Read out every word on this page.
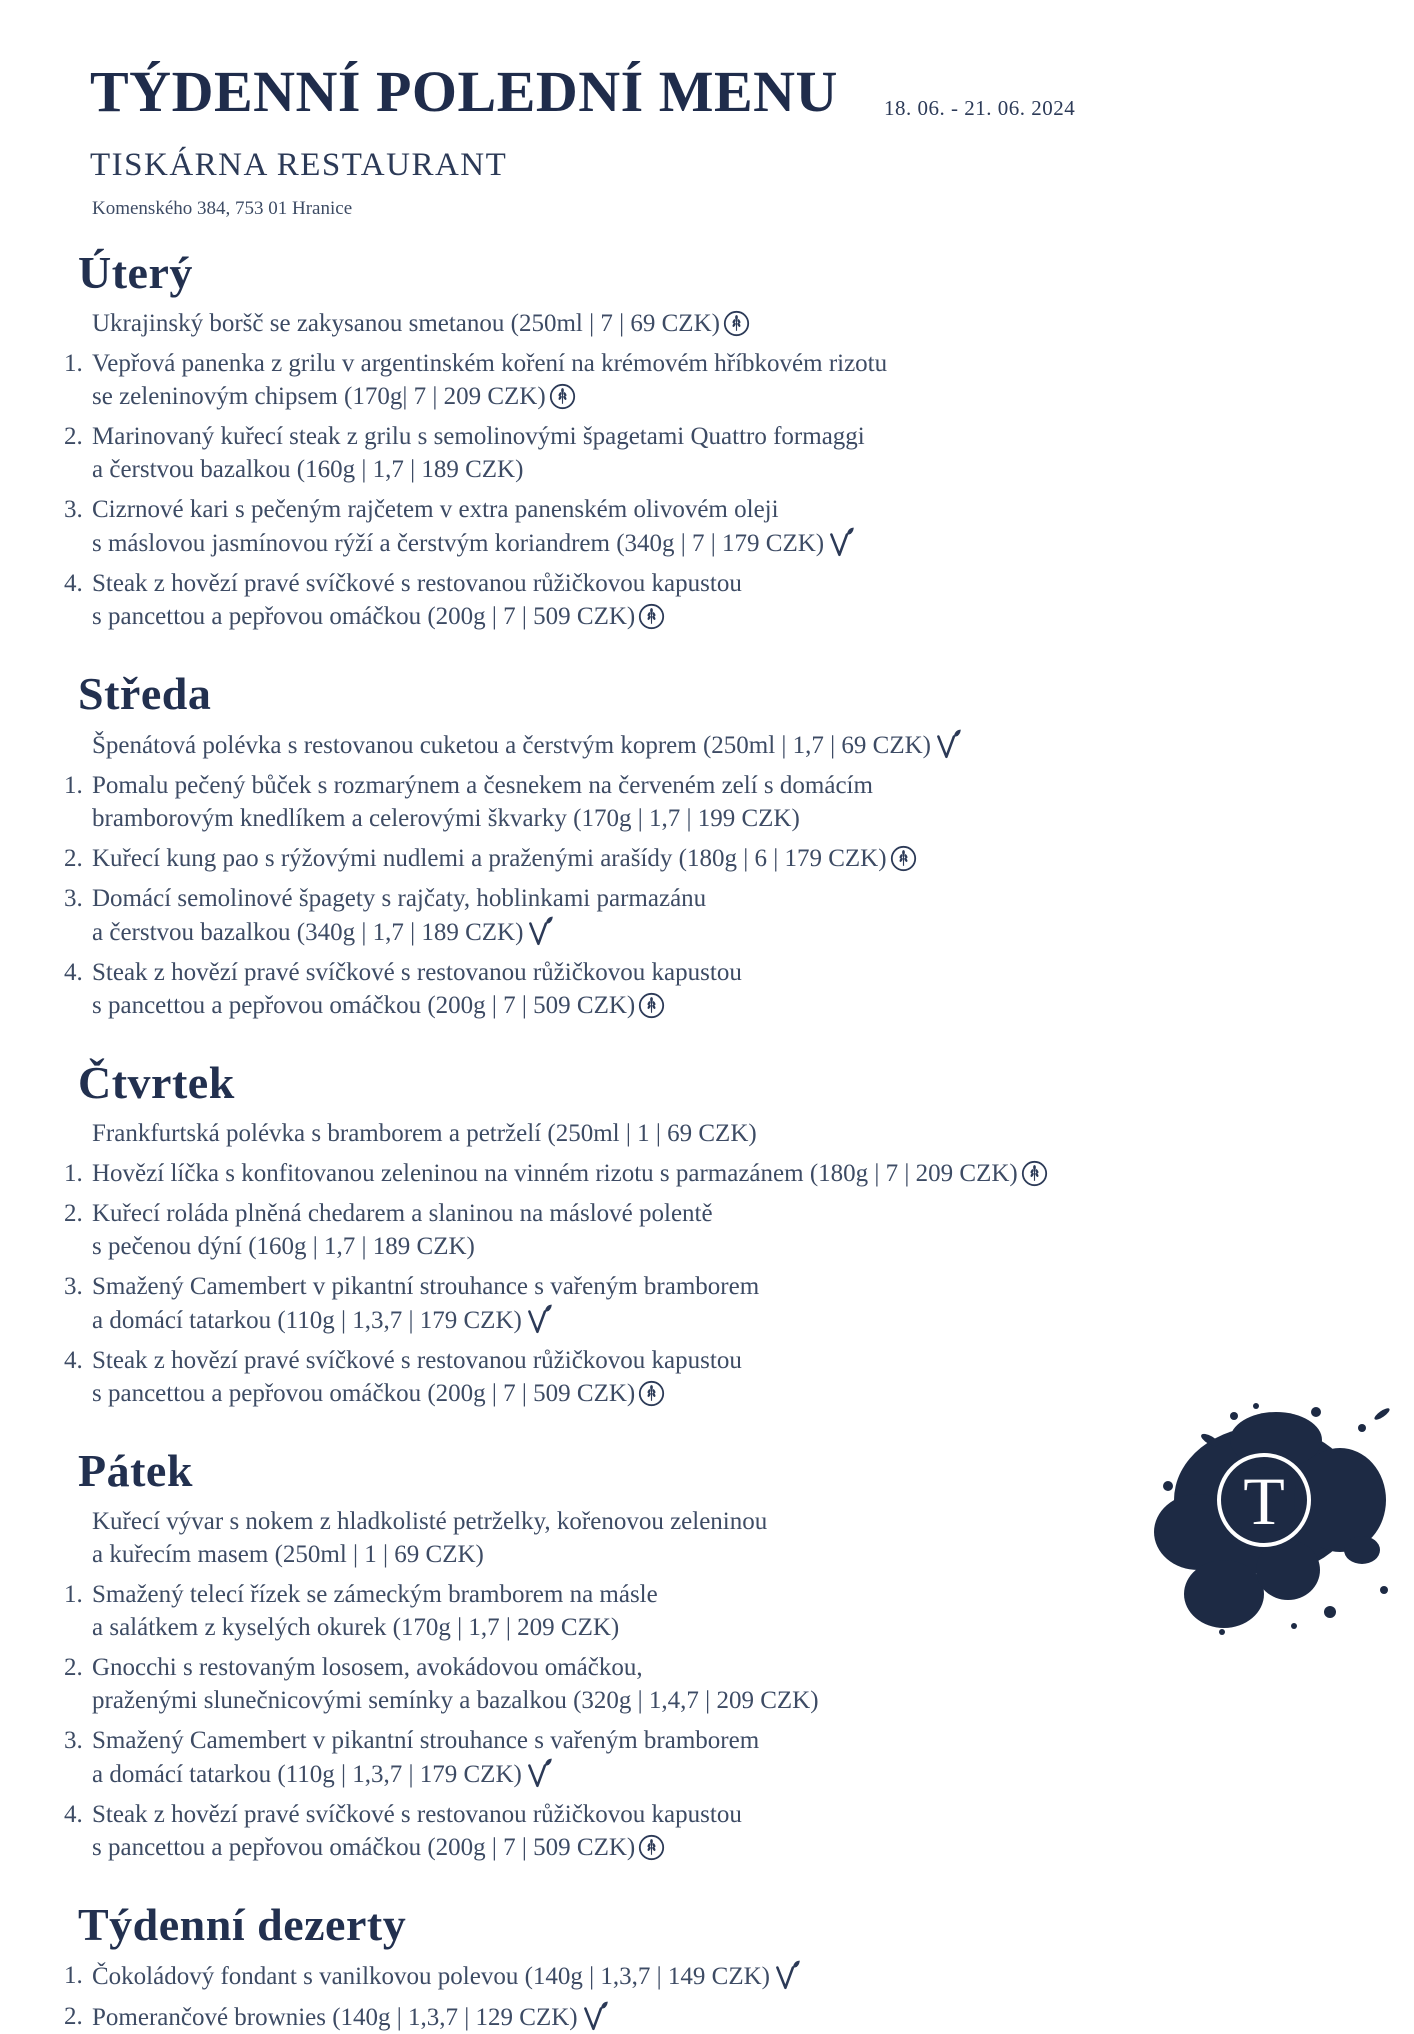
TÝDENNÍ POLEDNÍ MENU 18. 06. - 21. 06. 2024
TISKÁRNA RESTAURANT
Komenského 384, 753 01 Hranice
Úterý
Ukrajinský boršč se zakysanou smetanou (250ml | 7 | 69 CZK)
1. Vepřová panenka z grilu v argentinském koření na krémovém hříbkovém rizotu
se zeleninovým chipsem (170g| 7 | 209 CZK)
2. Marinovaný kuřecí steak z grilu s semolinovými špagetami Quattro formaggi
a čerstvou bazalkou (160g | 1,7 | 189 CZK)
3. Cizrnové kari s pečeným rajčetem v extra panenském olivovém oleji
s máslovou jasmínovou rýží a čerstvým koriandrem (340g | 7 | 179 CZK)
4. Steak z hovězí pravé svíčkové s restovanou růžičkovou kapustou
s pancettou a pepřovou omáčkou (200g | 7 | 509 CZK)
Středa
Špenátová polévka s restovanou cuketou a čerstvým koprem (250ml | 1,7 | 69 CZK)
1. Pomalu pečený bůček s rozmarýnem a česnekem na červeném zelí s domácím
bramborovým knedlíkem a celerovými škvarky (170g | 1,7 | 199 CZK)
2. Kuřecí kung pao s rýžovými nudlemi a praženými arašídy (180g | 6 | 179 CZK)
3. Domácí semolinové špagety s rajčaty, hoblinkami parmazánu
a čerstvou bazalkou (340g | 1,7 | 189 CZK)
4. Steak z hovězí pravé svíčkové s restovanou růžičkovou kapustou
s pancettou a pepřovou omáčkou (200g | 7 | 509 CZK)
Čtvrtek
Frankfurtská polévka s bramborem a petrželí (250ml | 1 | 69 CZK)
1. Hovězí líčka s konfitovanou zeleninou na vinném rizotu s parmazánem (180g | 7 | 209 CZK)
2. Kuřecí roláda plněná chedarem a slaninou na máslové polentě
s pečenou dýní (160g | 1,7 | 189 CZK)
3. Smažený Camembert v pikantní strouhance s vařeným bramborem
a domácí tatarkou (110g | 1,3,7 | 179 CZK)
4. Steak z hovězí pravé svíčkové s restovanou růžičkovou kapustou
s pancettou a pepřovou omáčkou (200g | 7 | 509 CZK)
Pátek
Kuřecí vývar s nokem z hladkolisté petrželky, kořenovou zeleninou
a kuřecím masem (250ml | 1 | 69 CZK)
1. Smažený telecí řízek se zámeckým bramborem na másle
a salátkem z kyselých okurek (170g | 1,7 | 209 CZK)
2. Gnocchi s restovaným lososem, avokádovou omáčkou,
praženými slunečnicovými semínky a bazalkou (320g | 1,4,7 | 209 CZK)
3. Smažený Camembert v pikantní strouhance s vařeným bramborem
a domácí tatarkou (110g | 1,3,7 | 179 CZK)
4. Steak z hovězí pravé svíčkové s restovanou růžičkovou kapustou
s pancettou a pepřovou omáčkou (200g | 7 | 509 CZK)
Týdenní dezerty
1. Čokoládový fondant s vanilkovou polevou (140g | 1,3,7 | 149 CZK)
2. Pomerančové brownies (140g | 1,3,7 | 129 CZK)
T
